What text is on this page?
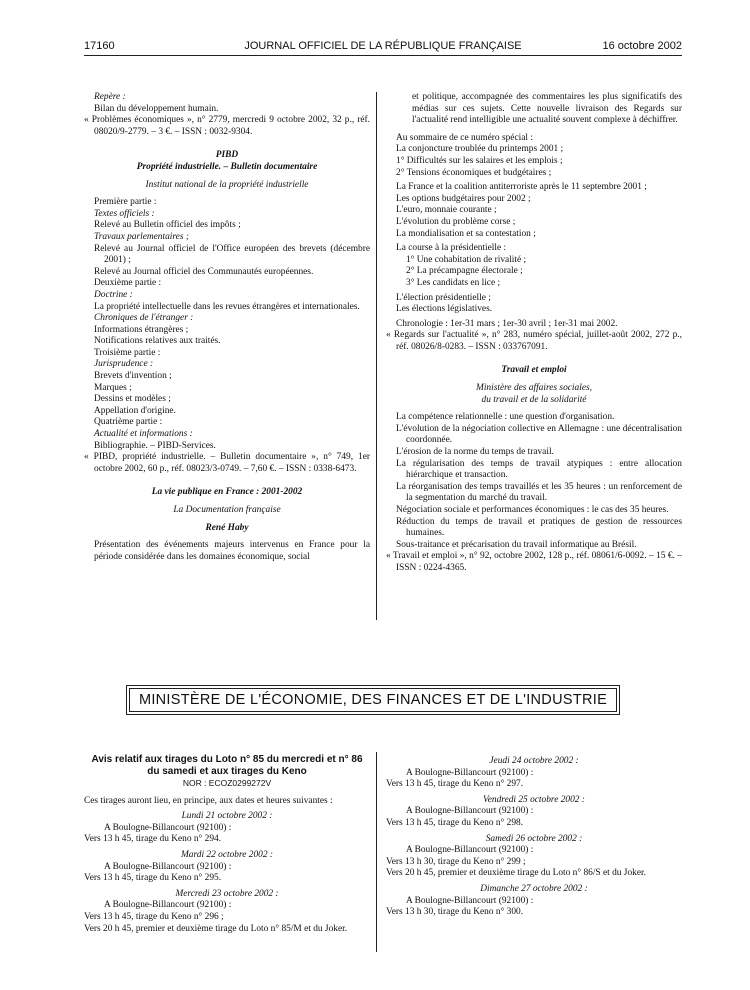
17160	JOURNAL OFFICIEL DE LA RÉPUBLIQUE FRANÇAISE	16 octobre 2002

Repère :

Bilan du développement humain.

« Problèmes économiques », n° 2779, mercredi 9 octobre 2002, 32 p., réf. 08020/9-2779. – 3 €. – ISSN : 0032-9304.

PIBD

Propriété industrielle. – Bulletin documentaire

Institut national de la propriété industrielle

Première partie :

Textes officiels :

Relevé au Bulletin officiel des impôts ;

Travaux parlementaires ;

Relevé au Journal officiel de l'Office européen des brevets (décembre 2001) ;

Relevé au Journal officiel des Communautés européennes.

Deuxième partie :

Doctrine :

La propriété intellectuelle dans les revues étrangères et internationales.

Chroniques de l'étranger :

Informations étrangères ;

Notifications relatives aux traités.

Troisième partie :

Jurisprudence :

Brevets d'invention ;

Marques ;

Dessins et modèles ;

Appellation d'origine.

Quatrième partie :

Actualité et informations :

Bibliographie. – PIBD-Services.

« PIBD, propriété industrielle. – Bulletin documentaire », n° 749, 1er octobre 2002, 60 p., réf. 08023/3-0749. – 7,60 €. – ISSN : 0338-6473.

La vie publique en France : 2001-2002

La Documentation française

René Haby

Présentation des événements majeurs intervenus en France pour la période considérée dans les domaines économique, social

et politique, accompagnée des commentaires les plus significatifs des médias sur ces sujets. Cette nouvelle livraison des Regards sur l'actualité rend intelligible une actualité souvent complexe à déchiffrer.

Au sommaire de ce numéro spécial :

La conjoncture troublée du printemps 2001 ;

1° Difficultés sur les salaires et les emplois ;

2° Tensions économiques et budgétaires ;

La France et la coalition antiterroriste après le 11 septembre 2001 ;

Les options budgétaires pour 2002 ;

L'euro, monnaie courante ;

L'évolution du problème corse ;

La mondialisation et sa contestation ;

La course à la présidentielle :

1° Une cohabitation de rivalité ;

2° La précampagne électorale ;

3° Les candidats en lice ;

L'élection présidentielle ;

Les élections législatives.

Chronologie : 1er-31 mars ; 1er-30 avril ; 1er-31 mai 2002.

« Regards sur l'actualité », n° 283, numéro spécial, juillet-août 2002, 272 p., réf. 08026/8-0283. – ISSN : 033767091.

Travail et emploi

Ministère des affaires sociales,

du travail et de la solidarité

La compétence relationnelle : une question d'organisation.

L'évolution de la négociation collective en Allemagne : une décentralisation coordonnée.

L'érosion de la norme du temps de travail.

La régularisation des temps de travail atypiques : entre allocation hiérarchique et transaction.

La réorganisation des temps travaillés et les 35 heures : un renforcement de la segmentation du marché du travail.

Négociation sociale et performances économiques : le cas des 35 heures.

Réduction du temps de travail et pratiques de gestion de ressources humaines.

Sous-traitance et précarisation du travail informatique au Brésil.

« Travail et emploi », n° 92, octobre 2002, 128 p., réf. 08061/6-0092. – 15 €. – ISSN : 0224-4365.

MINISTÈRE DE L'ÉCONOMIE, DES FINANCES ET DE L'INDUSTRIE

Avis relatif aux tirages du Loto n° 85 du mercredi et n° 86 du samedi et aux tirages du Keno

NOR : ECOZ0299272V

Ces tirages auront lieu, en principe, aux dates et heures suivantes :

Lundi 21 octobre 2002 :

A Boulogne-Billancourt (92100) :

Vers 13 h 45, tirage du Keno n° 294.

Mardi 22 octobre 2002 :

A Boulogne-Billancourt (92100) :

Vers 13 h 45, tirage du Keno n° 295.

Mercredi 23 octobre 2002 :

A Boulogne-Billancourt (92100) :

Vers 13 h 45, tirage du Keno n° 296 ;

Vers 20 h 45, premier et deuxième tirage du Loto n° 85/M et du Joker.

Jeudi 24 octobre 2002 :

A Boulogne-Billancourt (92100) :

Vers 13 h 45, tirage du Keno n° 297.

Vendredi 25 octobre 2002 :

A Boulogne-Billancourt (92100) :

Vers 13 h 45, tirage du Keno n° 298.

Samedi 26 octobre 2002 :

A Boulogne-Billancourt (92100) :

Vers 13 h 30, tirage du Keno n° 299 ;

Vers 20 h 45, premier et deuxième tirage du Loto n° 86/S et du Joker.

Dimanche 27 octobre 2002 :

A Boulogne-Billancourt (92100) :

Vers 13 h 30, tirage du Keno n° 300.
